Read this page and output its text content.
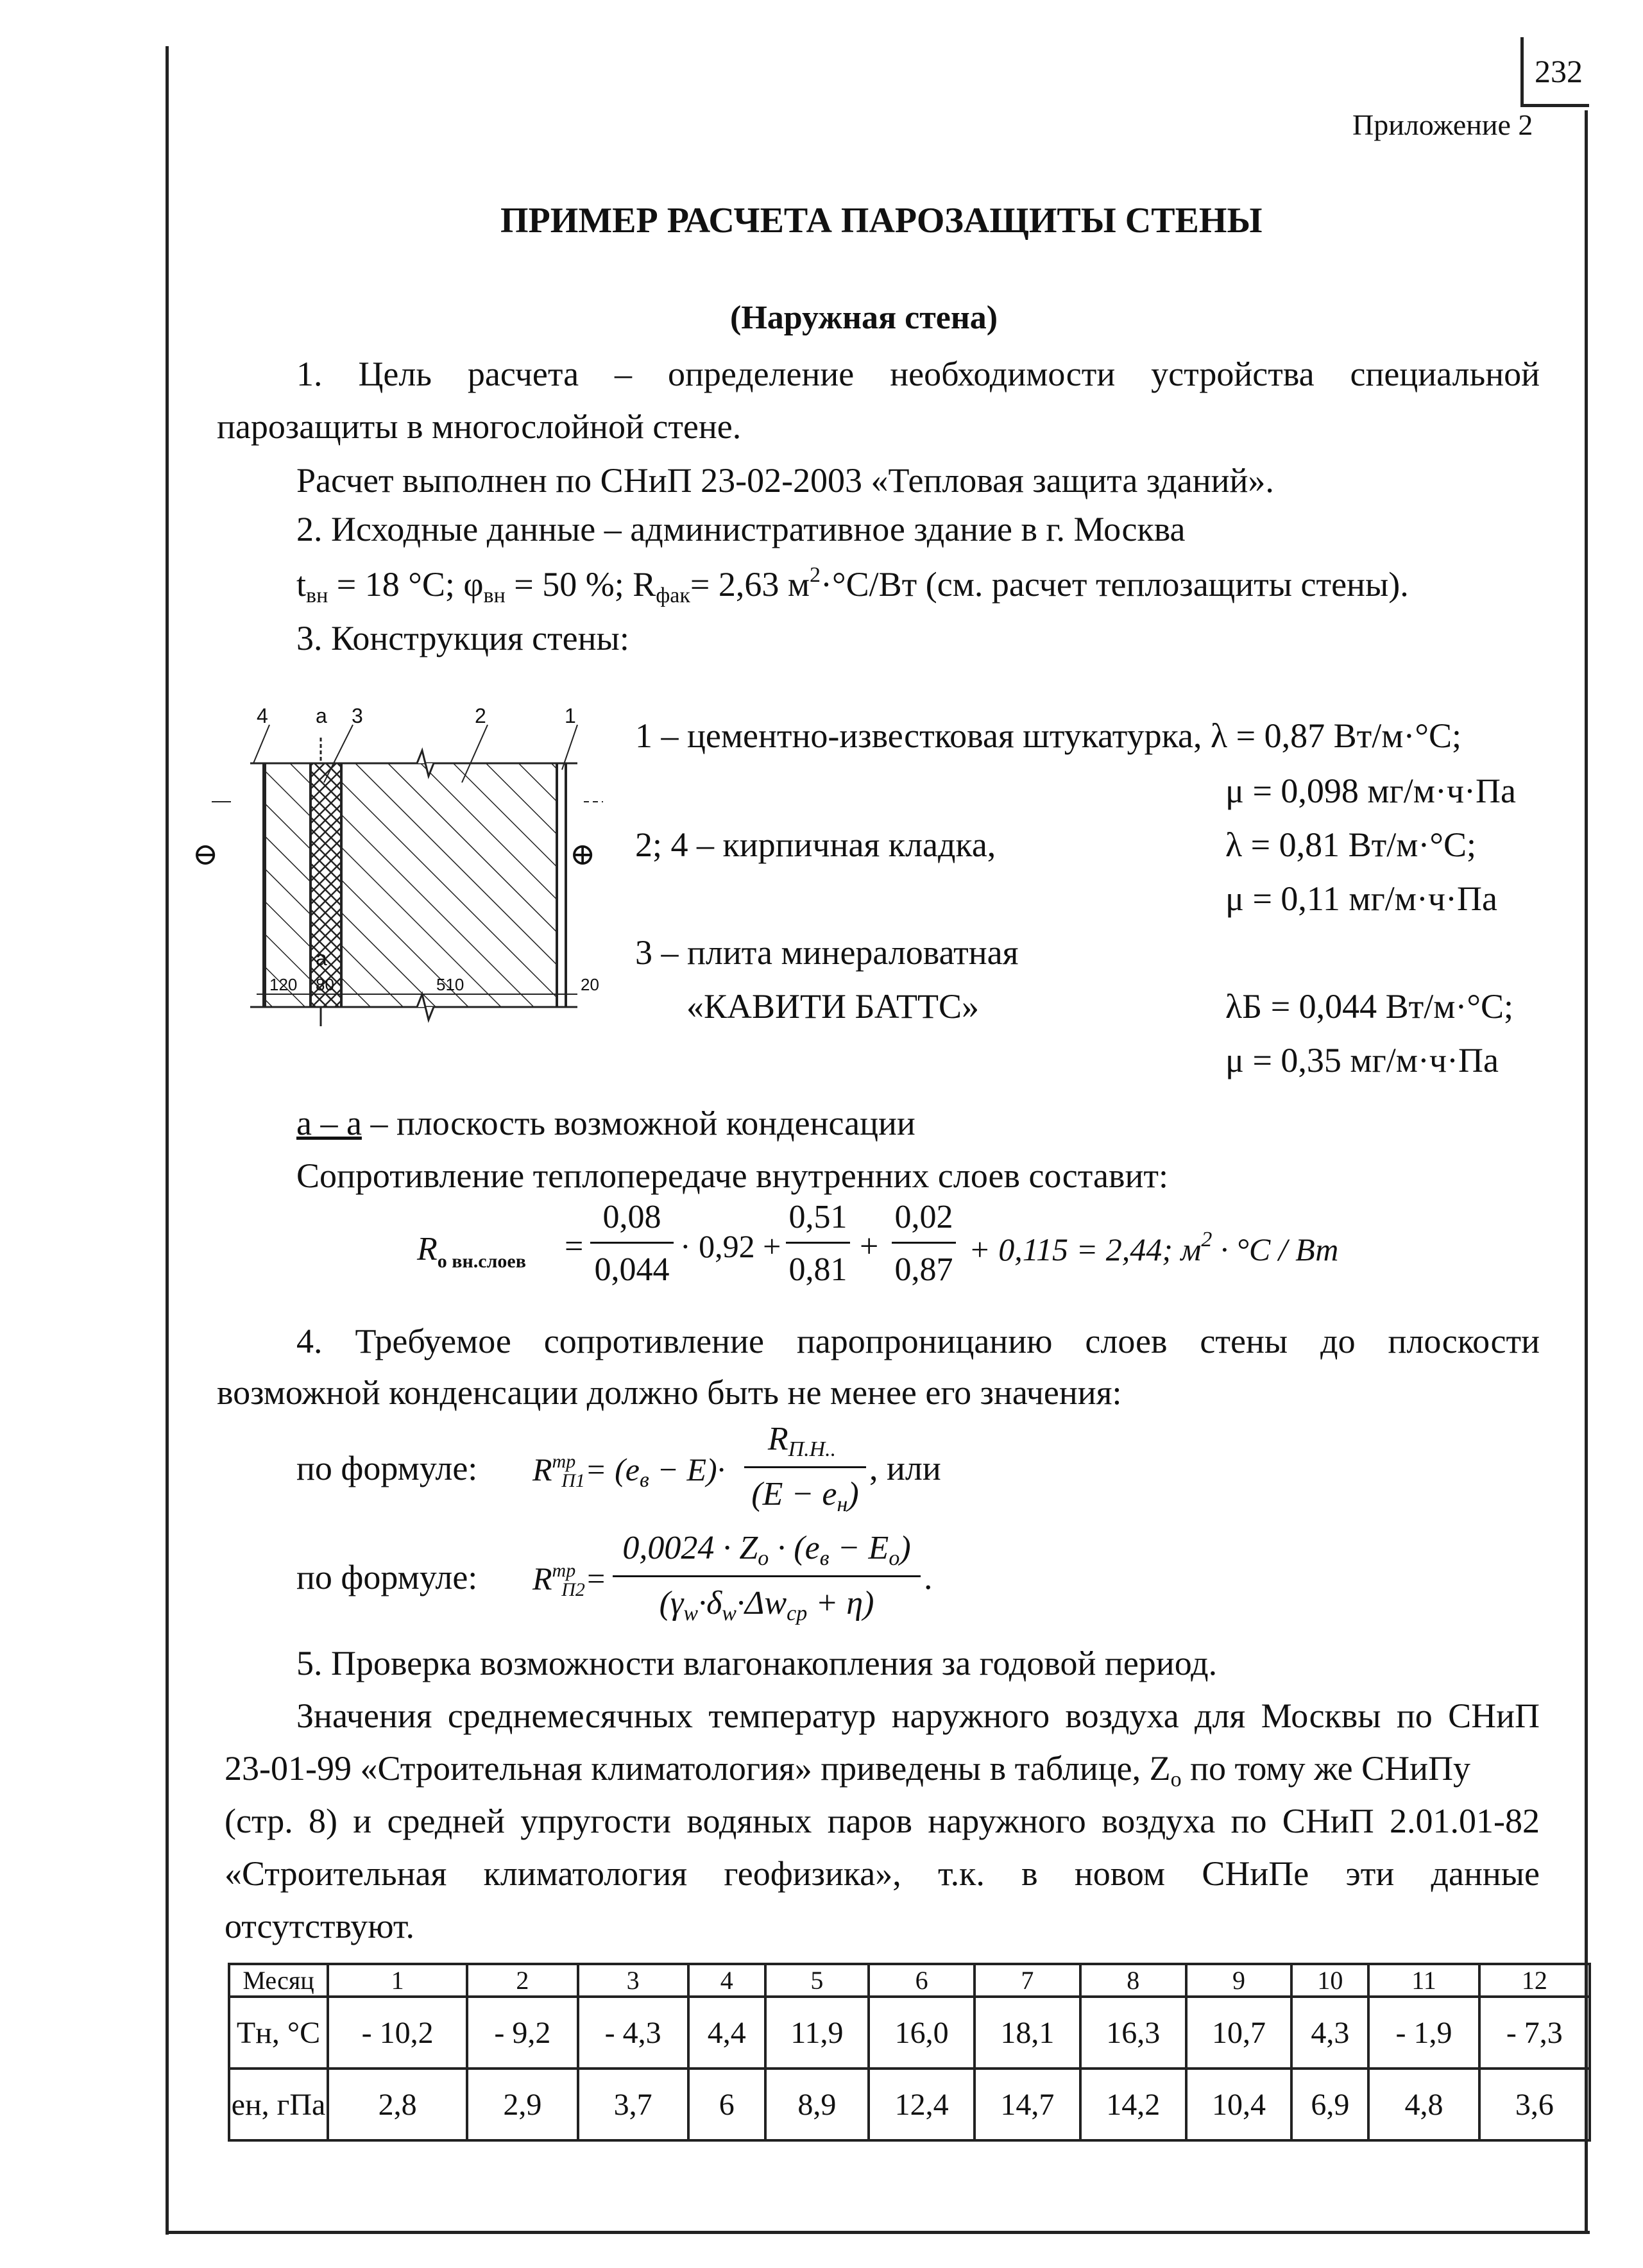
232
Приложение 2
ПРИМЕР РАСЧЕТА ПАРОЗАЩИТЫ СТЕНЫ
(Наружная стена)
1. Цель расчета – определение необходимости устройства специальной
парозащиты в многослойной стене.
Расчет выполнен по СНиП 23-02-2003 «Тепловая защита зданий».
2. Исходные данные – административное здание в г. Москва
$t_{вн} = 18$ °С; $\varphi_{вн} = 50$ %; $R_{фак}= 2,63$ $м^2\cdot^\circ С/Вт$ (см. расчет теплозащиты стены).
3. Конструкция стены:
4 a 3	2	1
a
⊖	⊕
120 80	510	20
1 – цементно-известковая штукатурка, λ = 0,87 Вт/м·°С;
μ = 0,098 мг/м·ч·Па
2; 4 – кирпичная кладка,	λ = 0,81 Вт/м·°С;
μ = 0,11 мг/м·ч·Па
3 – плита минераловатная
«КАВИТИ БАТТС»	λБ = 0,044 Вт/м·°С;
μ = 0,35 мг/м·ч·Па
а – а – плоскость возможной конденсации
Сопротивление теплопередаче внутренних слоев составит:
$R_{о вн.слоев}$ =
0,08
0,044
· 0,92 +
0,51
0,81
+
0,02
0,87
+ 0,115 = 2,44; $м^2 \cdot ^\circ C$ / Вт
4. Требуемое сопротивление паропроницанию слоев стены до плоскости
возможной конденсации должно быть не менее его значения:
по формуле: $R^{тр}_{П1}= (e_в - E)\cdot$
$R_{П.Н..}$
$(E - e_н)$
, или
по формуле: $R^{тр}_{П2}=$
$0,0024 \cdot Z_o \cdot (e_в - E_o)$
$(\gamma_w\cdot\delta_w\cdot\Delta w_{ср} + \eta)$
.
5. Проверка возможности влагонакопления за годовой период.
Значения среднемесячных температур наружного воздуха для Москвы по СНиП
23-01-99 «Строительная климатология» приведены в таблице, $Z_о$ по тому же СНиПу
(стр. 8) и средней упругости водяных паров наружного воздуха по СНиП 2.01.01-82
«Строительная климатология геофизика», т.к. в новом СНиПе эти данные
отсутствуют.
Месяц	1	2	3	4	5	6	7	8	9	10	11	12
Tн, °С	- 10,2	- 9,2	- 4,3	4,4	11,9	16,0	18,1	16,3	10,7	4,3	- 1,9	- 7,3
eн, гПа	2,8	2,9	3,7	6	8,9	12,4	14,7	14,2	10,4	6,9	4,8	3,6
